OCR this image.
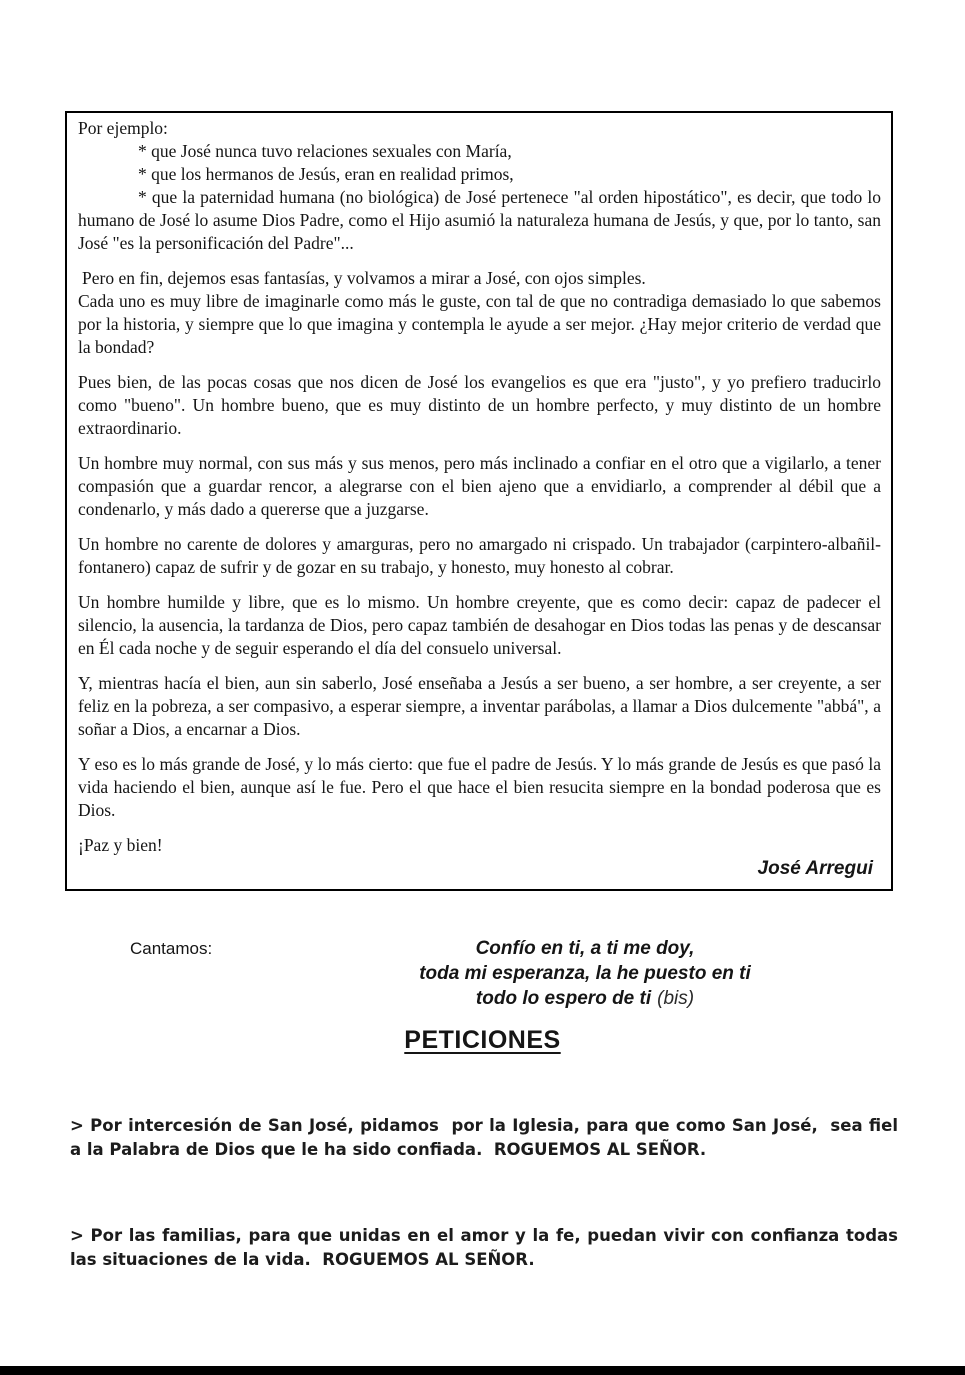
Por ejemplo:

* que José nunca tuvo relaciones sexuales con María,

* que los hermanos de Jesús, eran en realidad primos,

* que la paternidad humana (no biológica) de José pertenece "al orden hipostático", es decir, que todo lo humano de José lo asume Dios Padre, como el Hijo asumió la naturaleza humana de Jesús, y que, por lo tanto, san José "es la personificación del Padre"...

Pero en fin, dejemos esas fantasías, y volvamos a mirar a José, con ojos simples.

Cada uno es muy libre de imaginarle como más le guste, con tal de que no contradiga demasiado lo que sabemos por la historia, y siempre que lo que imagina y contempla le ayude a ser mejor. ¿Hay mejor criterio de verdad que la bondad?

Pues bien, de las pocas cosas que nos dicen de José los evangelios es que era "justo", y yo prefiero traducirlo como "bueno". Un hombre bueno, que es muy distinto de un hombre perfecto, y muy distinto de un hombre extraordinario.

Un hombre muy normal, con sus más y sus menos, pero más inclinado a confiar en el otro que a vigilarlo, a tener compasión que a guardar rencor, a alegrarse con el bien ajeno que a envidiarlo, a comprender al débil que a condenarlo, y más dado a quererse que a juzgarse.

Un hombre no carente de dolores y amarguras, pero no amargado ni crispado. Un trabajador (carpintero-albañil-fontanero) capaz de sufrir y de gozar en su trabajo, y honesto, muy honesto al cobrar.

Un hombre humilde y libre, que es lo mismo. Un hombre creyente, que es como decir: capaz de padecer el silencio, la ausencia, la tardanza de Dios, pero capaz también de desahogar en Dios todas las penas y de descansar en Él cada noche y de seguir esperando el día del consuelo universal.

Y, mientras hacía el bien, aun sin saberlo, José enseñaba a Jesús a ser bueno, a ser hombre, a ser creyente, a ser feliz en la pobreza, a ser compasivo, a esperar siempre, a inventar parábolas, a llamar a Dios dulcemente "abbá", a soñar a Dios, a encarnar a Dios.

Y eso es lo más grande de José, y lo más cierto: que fue el padre de Jesús. Y lo más grande de Jesús es que pasó la vida haciendo el bien, aunque así le fue. Pero el que hace el bien resucita siempre en la bondad poderosa que es Dios.

¡Paz y bien!

José Arregui

Cantamos:	Confío en ti, a ti me doy,
toda mi esperanza, la he puesto en ti
todo lo espero de ti (bis)
PETICIONES

> Por intercesión de San José, pidamos  por la Iglesia, para que como San José,  sea fiel a la Palabra de Dios que le ha sido confiada.  ROGUEMOS AL SEÑOR.

> Por las familias, para que unidas en el amor y la fe, puedan vivir con confianza todas las situaciones de la vida.  ROGUEMOS AL SEÑOR.
